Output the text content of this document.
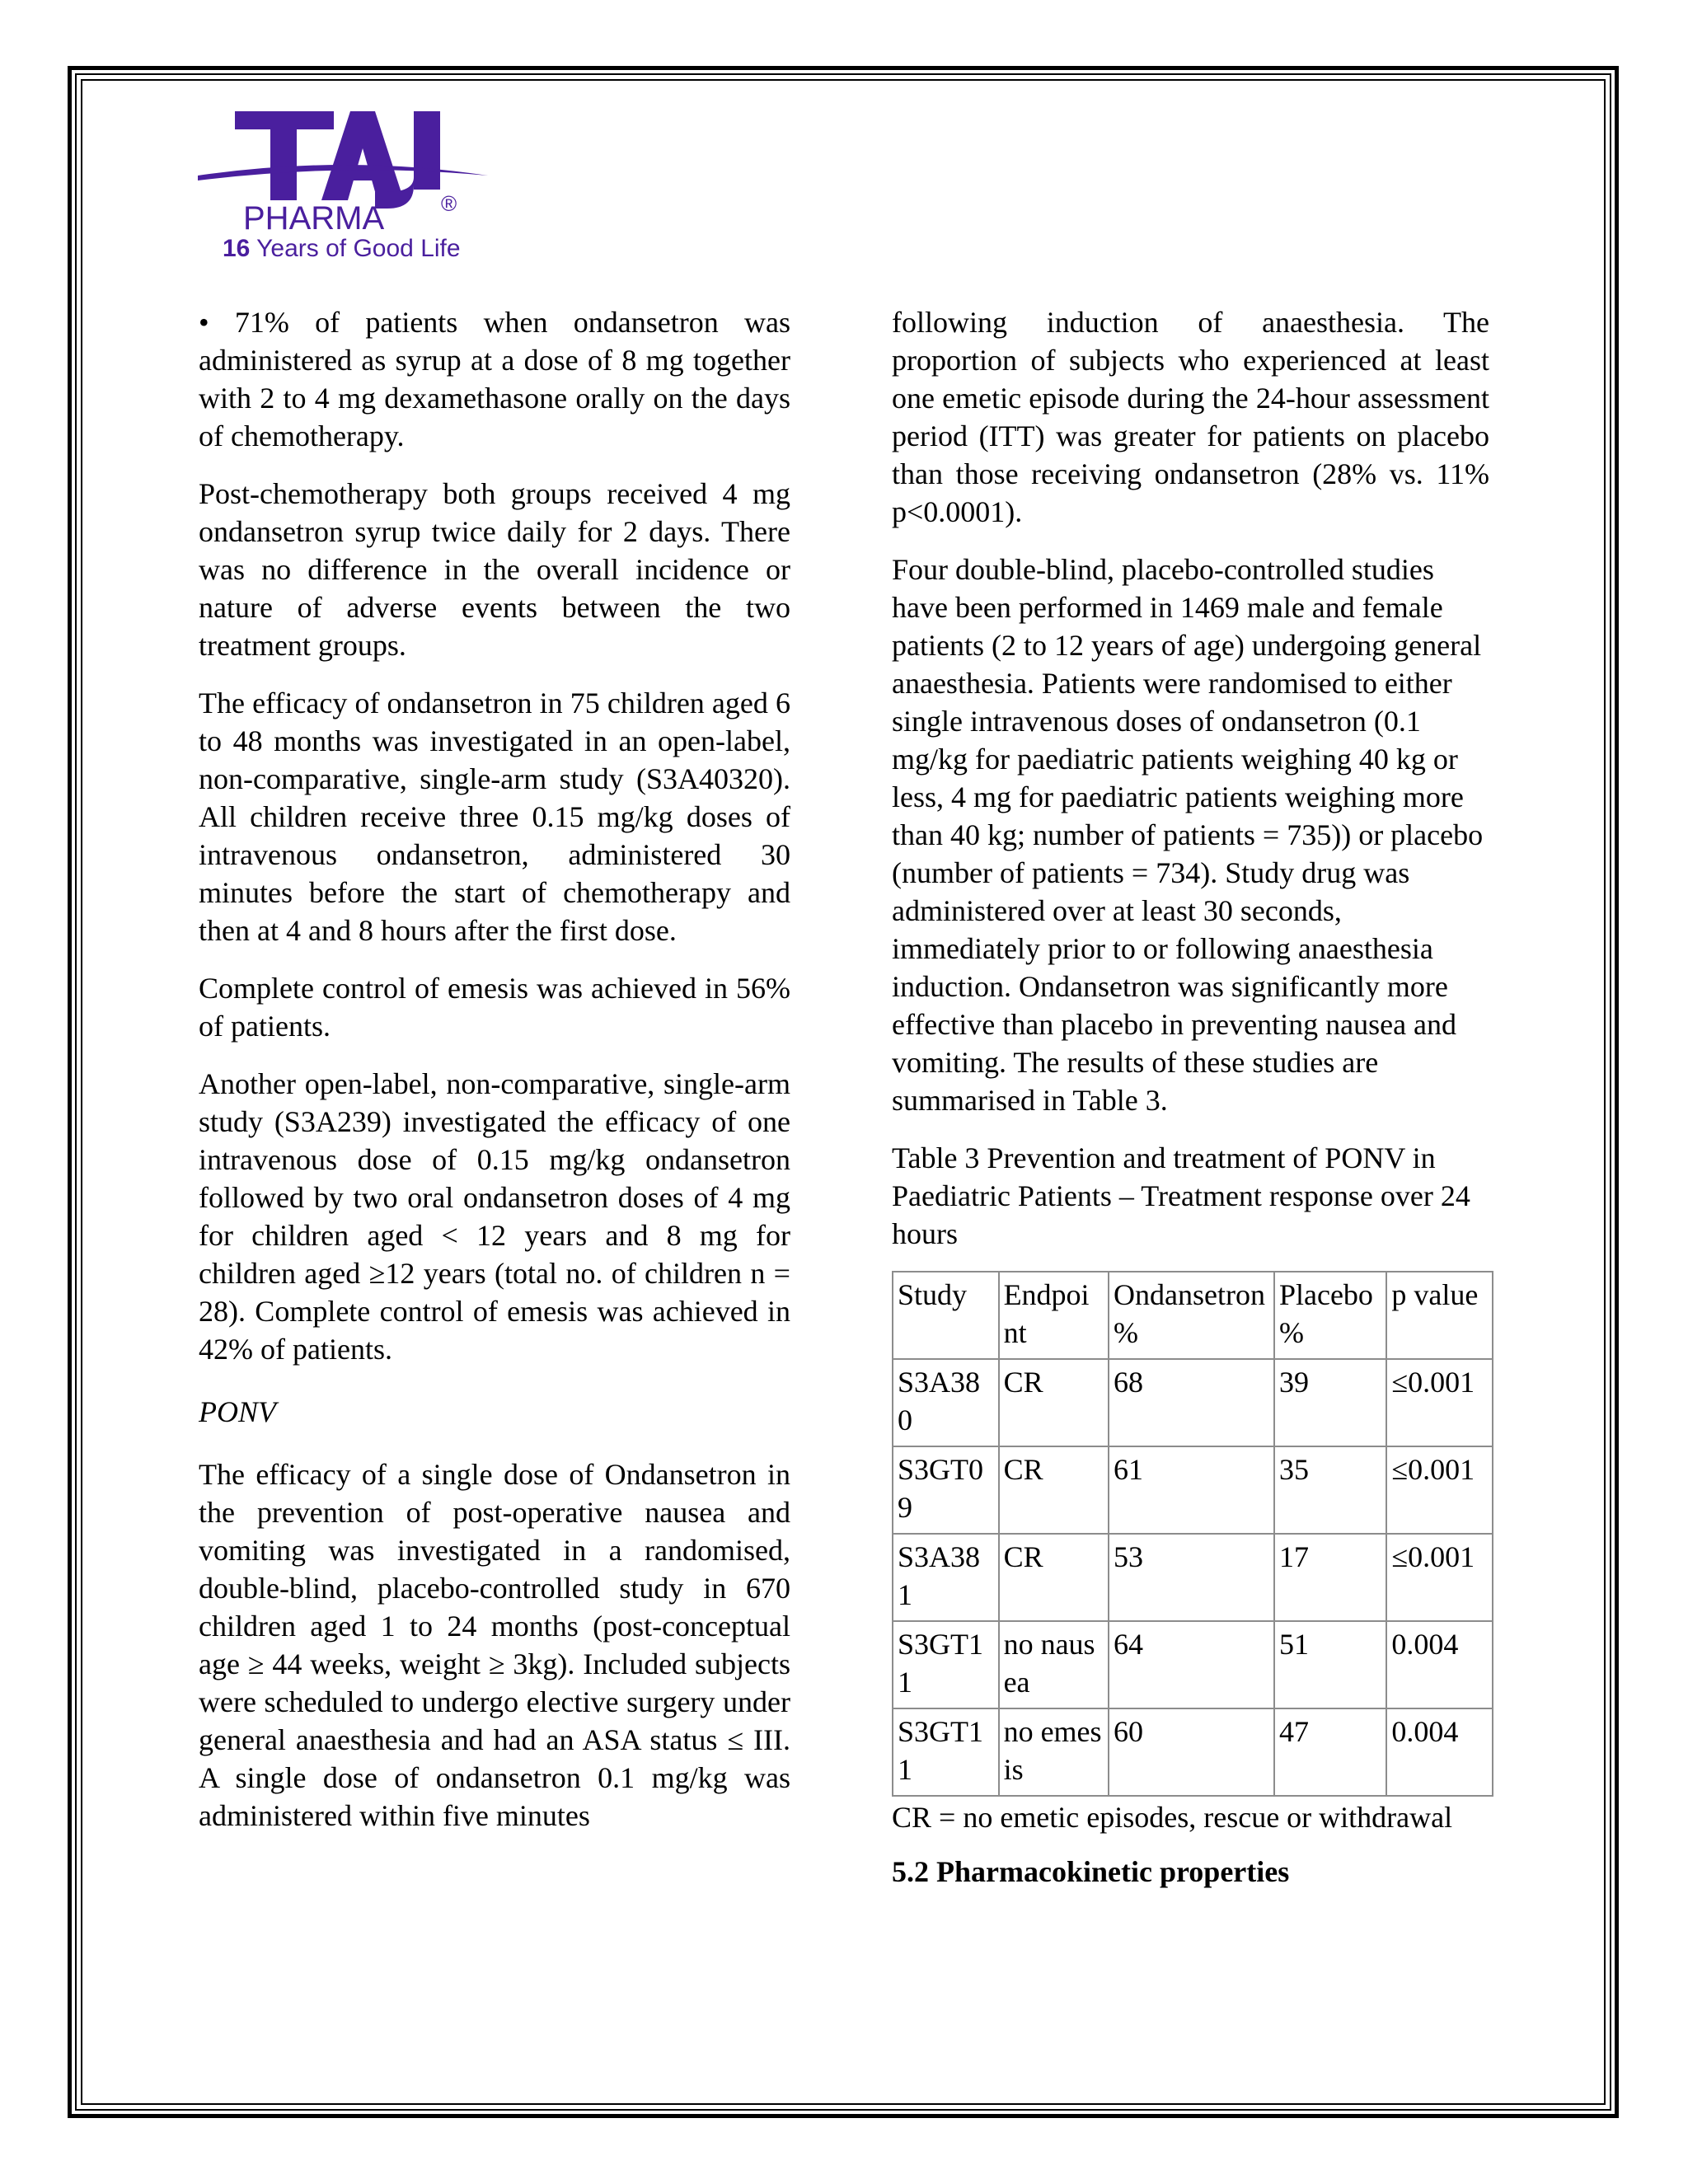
PHARMA	®
16 Years of Good Life

• 71% of patients when ondansetron was administered as syrup at a dose of 8 mg together with 2 to 4 mg dexamethasone orally on the days of chemotherapy.

Post-chemotherapy both groups received 4 mg ondansetron syrup twice daily for 2 days. There was no difference in the overall incidence or nature of adverse events between the two treatment groups.

The efficacy of ondansetron in 75 children aged 6 to 48 months was investigated in an open-label, non-comparative, single-arm study (S3A40320). All children receive three 0.15 mg/kg doses of intravenous ondansetron, administered 30 minutes before the start of chemotherapy and then at 4 and 8 hours after the first dose.

Complete control of emesis was achieved in 56% of patients.

Another open-label, non-comparative, single-arm study (S3A239) investigated the efficacy of one intravenous dose of 0.15 mg/kg ondansetron followed by two oral ondansetron doses of 4 mg for children aged < 12 years and 8 mg for children aged ≥12 years (total no. of children n = 28). Complete control of emesis was achieved in 42% of patients.

PONV

The efficacy of a single dose of Ondansetron in the prevention of post-operative nausea and vomiting was investigated in a randomised, double-blind, placebo-controlled study in 670 children aged 1 to 24 months (post-conceptual age ≥ 44 weeks, weight ≥ 3kg). Included subjects were scheduled to undergo elective surgery under general anaesthesia and had an ASA status ≤ III. A single dose of ondansetron 0.1 mg/kg was administered within five minutes

following induction of anaesthesia. The proportion of subjects who experienced at least one emetic episode during the 24-hour assessment period (ITT) was greater for patients on placebo than those receiving ondansetron (28% vs. 11% p<0.0001).

Four double-blind, placebo-controlled studies have been performed in 1469 male and female patients (2 to 12 years of age) undergoing general anaesthesia. Patients were randomised to either single intravenous doses of ondansetron (0.1 mg/kg for paediatric patients weighing 40 kg or less, 4 mg for paediatric patients weighing more than 40 kg; number of patients = 735)) or placebo (number of patients = 734). Study drug was administered over at least 30 seconds, immediately prior to or following anaesthesia induction. Ondansetron was significantly more effective than placebo in preventing nausea and vomiting. The results of these studies are summarised in Table 3.

Table 3 Prevention and treatment of PONV in Paediatric Patients – Treatment response over 24 hours

Study	Endpoint	Ondansetron %	Placebo %	p value
S3A380	CR	68	39	≤0.001
S3GT09	CR	61	35	≤0.001
S3A381	CR	53	17	≤0.001
S3GT11	no nausea	64	51	0.004
S3GT11	no emesis	60	47	0.004

CR = no emetic episodes, rescue or withdrawal

5.2 Pharmacokinetic properties
